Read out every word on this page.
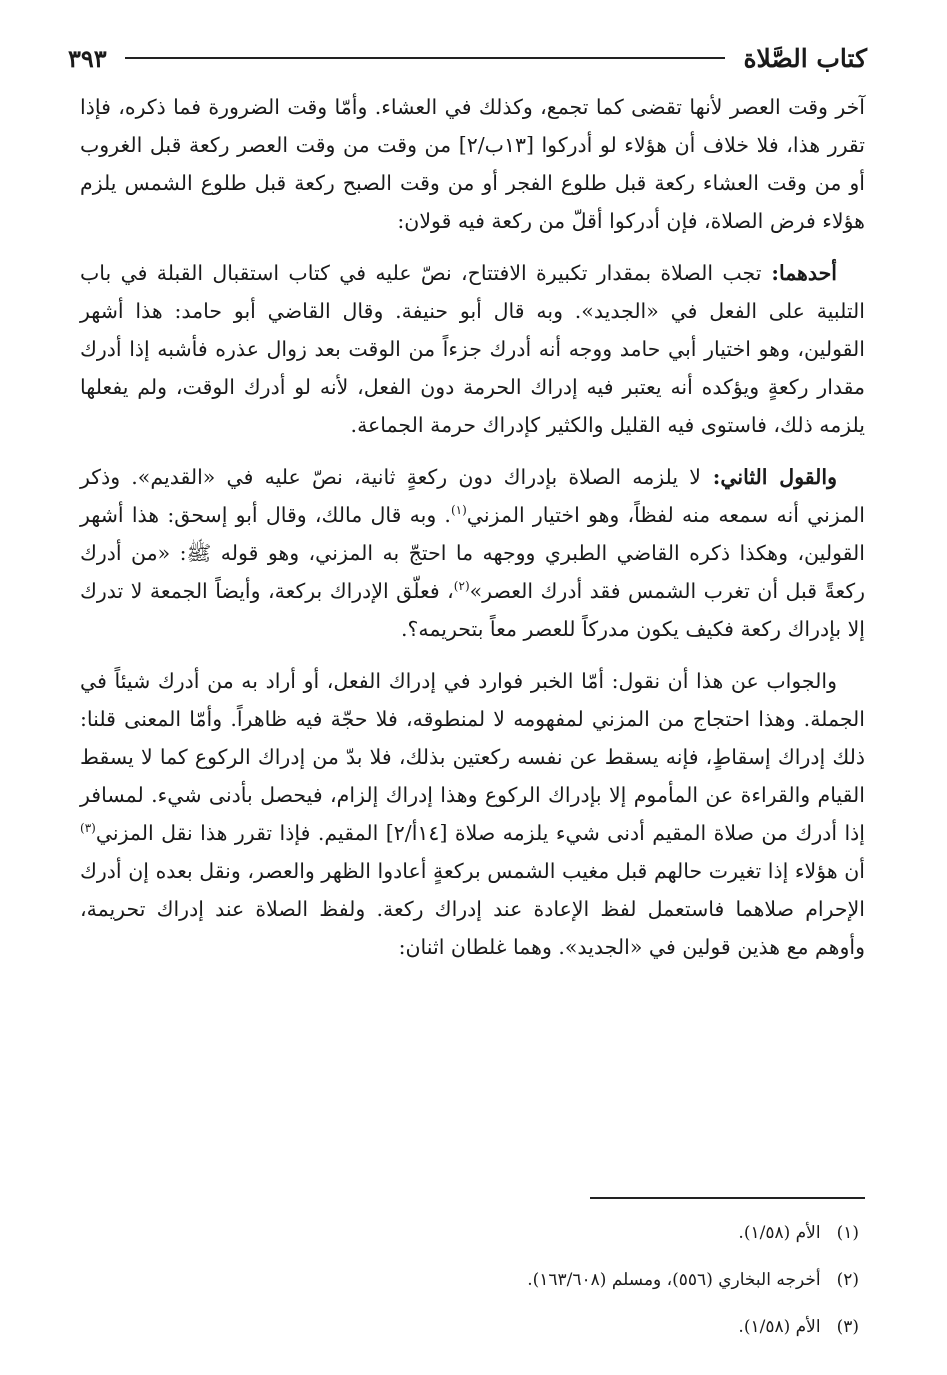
كتاب الصَّلاة
٣٩٣

آخر وقت العصر لأنها تقضى كما تجمع، وكذلك في العشاء. وأمّا وقت الضرورة فما ذكره، فإذا تقرر هذا، فلا خلاف أن هؤلاء لو أدركوا [١٣ب/٢] من وقت من وقت العصر ركعة قبل الغروب أو من وقت العشاء ركعة قبل طلوع الفجر أو من وقت الصبح ركعة قبل طلوع الشمس يلزم هؤلاء فرض الصلاة، فإن أدركوا أقلّ من ركعة فيه قولان:

أحدهما: تجب الصلاة بمقدار تكبيرة الافتتاح، نصّ عليه في كتاب استقبال القبلة في باب التلبية على الفعل في «الجديد». وبه قال أبو حنيفة. وقال القاضي أبو حامد: هذا أشهر القولين، وهو اختيار أبي حامد ووجه أنه أدرك جزءاً من الوقت بعد زوال عذره فأشبه إذا أدرك مقدار ركعةٍ ويؤكده أنه يعتبر فيه إدراك الحرمة دون الفعل، لأنه لو أدرك الوقت، ولم يفعلها يلزمه ذلك، فاستوى فيه القليل والكثير كإدراك حرمة الجماعة.

والقول الثاني: لا يلزمه الصلاة بإدراك دون ركعةٍ ثانية، نصّ عليه في «القديم». وذكر المزني أنه سمعه منه لفظاً، وهو اختيار المزني$^{(١)}$. وبه قال مالك، وقال أبو إسحق: هذا أشهر القولين، وهكذا ذكره القاضي الطبري ووجهه ما احتجّ به المزني، وهو قوله ﷺ: «من أدرك ركعةً قبل أن تغرب الشمس فقد أدرك العصر»$^{(٢)}$، فعلّق الإدراك بركعة، وأيضاً الجمعة لا تدرك إلا بإدراك ركعة فكيف يكون مدركاً للعصر معاً بتحريمه؟.

والجواب عن هذا أن نقول: أمّا الخبر فوارد في إدراك الفعل، أو أراد به من أدرك شيئاً في الجملة. وهذا احتجاج من المزني لمفهومه لا لمنطوقه، فلا حجّة فيه ظاهراً. وأمّا المعنى قلنا: ذلك إدراك إسقاطٍ، فإنه يسقط عن نفسه ركعتين بذلك، فلا بدّ من إدراك الركوع كما لا يسقط القيام والقراءة عن المأموم إلا بإدراك الركوع وهذا إدراك إلزام، فيحصل بأدنى شيء. لمسافر إذا أدرك من صلاة المقيم أدنى شيء يلزمه صلاة [١٤أ/٢] المقيم. فإذا تقرر هذا نقل المزني$^{(٣)}$ أن هؤلاء إذا تغيرت حالهم قبل مغيب الشمس بركعةٍ أعادوا الظهر والعصر، ونقل بعده إن أدرك الإحرام صلاهما فاستعمل لفظ الإعادة عند إدراك ركعة. ولفظ الصلاة عند إدراك تحريمة، وأوهم مع هذين قولين في «الجديد». وهما غلطان اثنان:

(١)الأم (١/٥٨).
(٢)أخرجه البخاري (٥٥٦)، ومسلم (١٦٣/٦٠٨).
(٣)الأم (١/٥٨).
